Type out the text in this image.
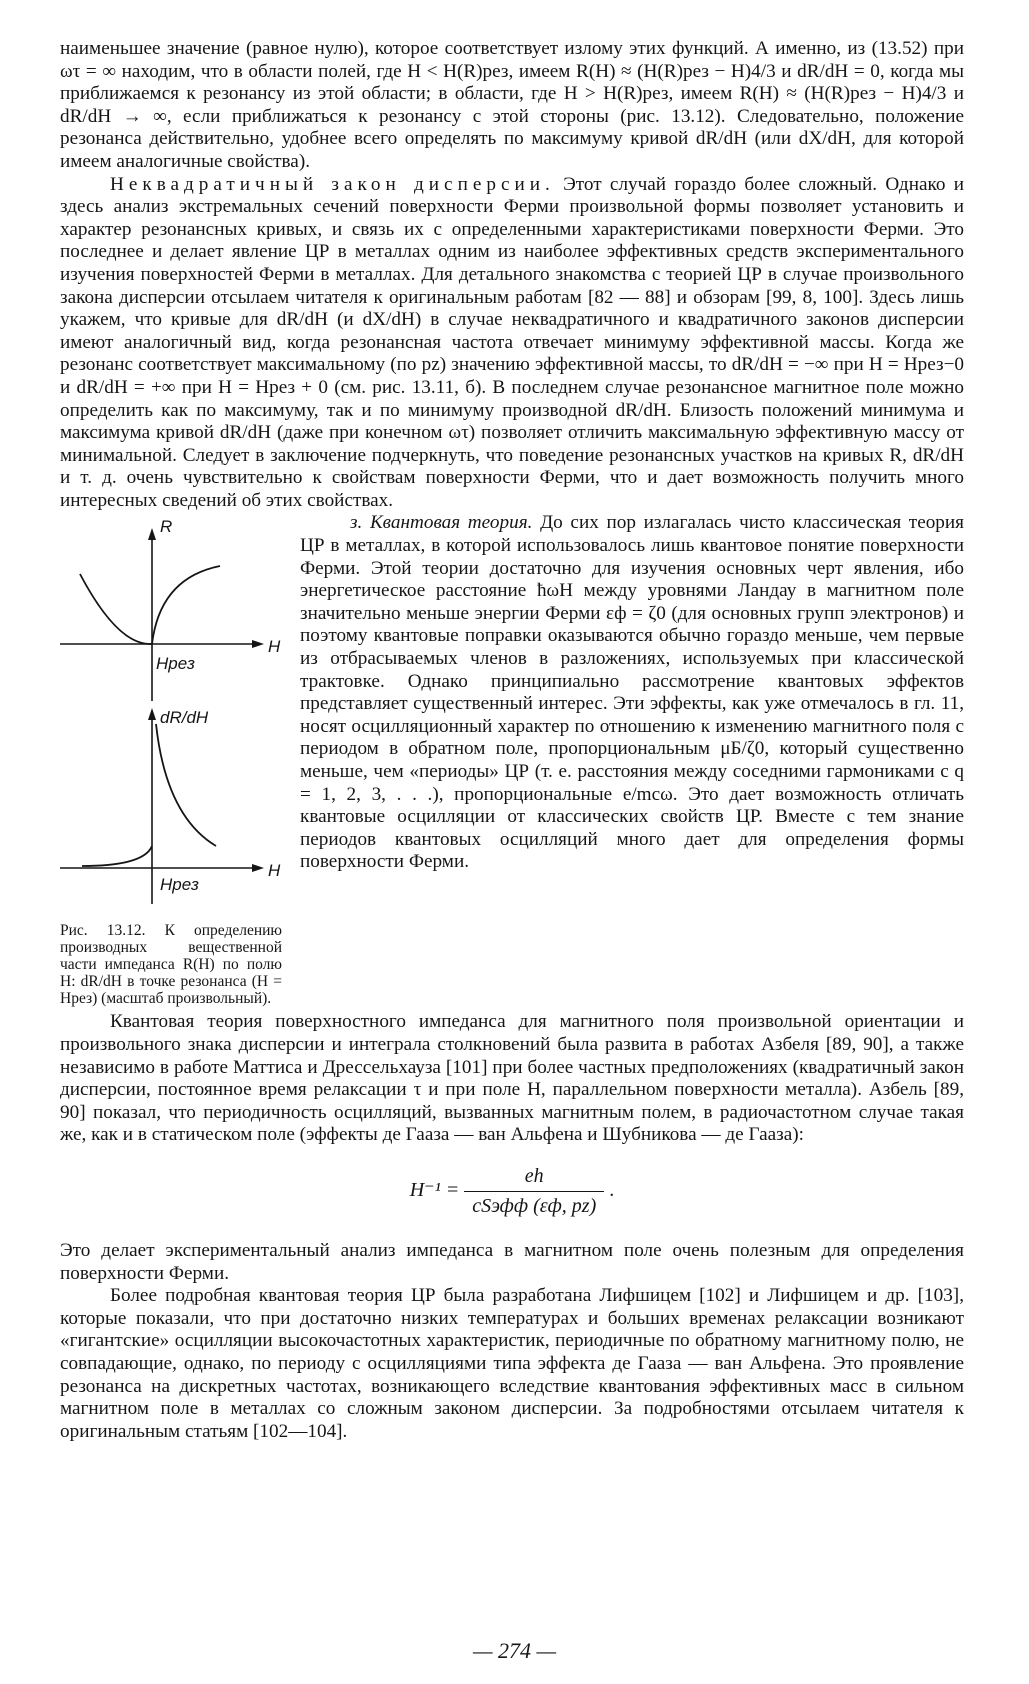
наименьшее значение (равное нулю), которое соответствует излому этих функций. А именно, из (13.52) при ωτ = ∞ находим, что в области полей, где H < H(R)рез, имеем R(H) ≈ (H(R)рез − H)4/3 и dR/dH = 0, когда мы приближаемся к резонансу из этой области; в области, где H > H(R)рез, имеем R(H) ≈ (H(R)рез − H)4/3 и dR/dH → ∞, если приближаться к резонансу с этой стороны (рис. 13.12). Следовательно, положение резонанса действительно, удобнее всего определять по максимуму кривой dR/dH (или dX/dH, для которой имеем аналогичные свойства).

Неквадратичный закон дисперсии. Этот случай гораздо более сложный. Однако и здесь анализ экстремальных сечений поверхности Ферми произвольной формы позволяет установить и характер резонансных кривых, и связь их с определенными характеристиками поверхности Ферми. Это последнее и делает явление ЦР в металлах одним из наиболее эффективных средств экспериментального изучения поверхностей Ферми в металлах. Для детального знакомства с теорией ЦР в случае произвольного закона дисперсии отсылаем читателя к оригинальным работам [82 — 88] и обзорам [99, 8, 100]. Здесь лишь укажем, что кривые для dR/dH (и dX/dH) в случае неквадратичного и квадратичного законов дисперсии имеют аналогичный вид, когда резонансная частота отвечает минимуму эффективной массы. Когда же резонанс соответствует максимальному (по pz) значению эффективной массы, то dR/dH = −∞ при H = Hрез−0 и dR/dH = +∞ при H = Hрез + 0 (см. рис. 13.11, б). В последнем случае резонансное магнитное поле можно определить как по максимуму, так и по минимуму производной dR/dH. Близость положений минимума и максимума кривой dR/dH (даже при конечном ωτ) позволяет отличить максимальную эффективную массу от минимальной. Следует в заключение подчеркнуть, что поведение резонансных участков на кривых R, dR/dH и т. д. очень чувствительно к свойствам поверхности Ферми, что и дает возможность получить много интересных сведений об этих свойствах.

R
H
Hрез
dR/dH
H
Hрез
Рис. 13.12. К определению производных вещественной части импеданса R(H) по полю H: dR/dH в точке резонанса (H = Hрез) (масштаб произвольный).

з. Квантовая теория. До сих пор излагалась чисто классическая теория ЦР в металлах, в которой использовалось лишь квантовое понятие поверхности Ферми. Этой теории достаточно для изучения основных черт явления, ибо энергетическое расстояние ħωH между уровнями Ландау в магнитном поле значительно меньше энергии Ферми εф = ζ0 (для основных групп электронов) и поэтому квантовые поправки оказываются обычно гораздо меньше, чем первые из отбрасываемых членов в разложениях, используемых при классической трактовке. Однако принципиально рассмотрение квантовых эффектов представляет существенный интерес. Эти эффекты, как уже отмечалось в гл. 11, носят осцилляционный характер по отношению к изменению магнитного поля с периодом в обратном поле, пропорциональным μБ/ζ0, который существенно меньше, чем «периоды» ЦР (т. е. расстояния между соседними гармониками с q = 1, 2, 3, . . .), пропорциональные e/mcω. Это дает возможность отличать квантовые осцилляции от классических свойств ЦР. Вместе с тем знание периодов квантовых осцилляций много дает для определения формы поверхности Ферми.

Квантовая теория поверхностного импеданса для магнитного поля произвольной ориентации и произвольного знака дисперсии и интеграла столкновений была развита в работах Азбеля [89, 90], а также независимо в работе Маттиса и Дрессельхауза [101] при более частных предположениях (квадратичный закон дисперсии, постоянное время релаксации τ и при поле H, параллельном поверхности металла). Азбель [89, 90] показал, что периодичность осцилляций, вызванных магнитным полем, в радиочастотном случае такая же, как и в статическом поле (эффекты де Гааза — ван Альфена и Шубникова — де Гааза):

$H^{-1} = \frac{eh}{\text{cSэфф (εф, pz)}}$ .

Это делает экспериментальный анализ импеданса в магнитном поле очень полезным для определения поверхности Ферми.

Более подробная квантовая теория ЦР была разработана Лифшицем [102] и Лифшицем и др. [103], которые показали, что при достаточно низких температурах и больших временах релаксации возникают «гигантские» осцилляции высокочастотных характеристик, периодичные по обратному магнитному полю, не совпадающие, однако, по периоду с осцилляциями типа эффекта де Гааза — ван Альфена. Это проявление резонанса на дискретных частотах, возникающего вследствие квантования эффективных масс в сильном магнитном поле в металлах со сложным законом дисперсии. За подробностями отсылаем читателя к оригинальным статьям [102—104].

— 274 —
